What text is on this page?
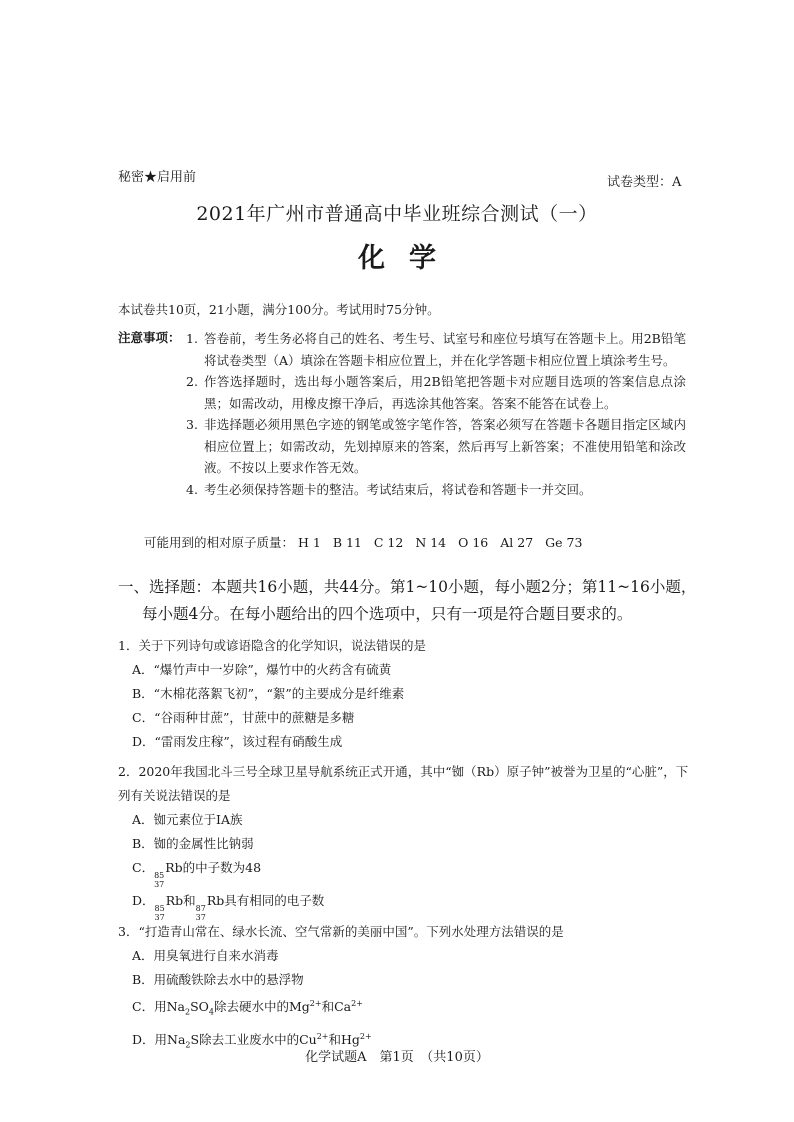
秘密★启用前	试卷类型：A
2021年广州市普通高中毕业班综合测试（一）
化学
本试卷共10页，21小题，满分100分。考试用时75分钟。
注意事项： 1. 答卷前，考生务必将自己的姓名、考生号、试室号和座位号填写在答题卡上。用2B铅笔将试卷类型（A）填涂在答题卡相应位置上，并在化学答题卡相应位置上填涂考生号。
2. 作答选择题时，选出每小题答案后，用2B铅笔把答题卡对应题目选项的答案信息点涂黑；如需改动，用橡皮擦干净后，再选涂其他答案。答案不能答在试卷上。
3. 非选择题必须用黑色字迹的钢笔或签字笔作答，答案必须写在答题卡各题目指定区域内相应位置上；如需改动，先划掉原来的答案，然后再写上新答案；不准使用铅笔和涂改液。不按以上要求作答无效。
4. 考生必须保持答题卡的整洁。考试结束后，将试卷和答题卡一并交回。
可能用到的相对原子质量： H 1 B 11 C 12 N 14 O 16 Al 27 Ge 73
一、选择题：本题共16小题，共44分。第1~10小题，每小题2分；第11~16小题，
每小题4分。在每小题给出的四个选项中，只有一项是符合题目要求的。
1．关于下列诗句或谚语隐含的化学知识，说法错误的是
A．“爆竹声中一岁除”，爆竹中的火药含有硫黄
B．“木棉花落絮飞初”，“絮”的主要成分是纤维素
C．“谷雨种甘蔗”，甘蔗中的蔗糖是多糖
D．“雷雨发庄稼”，该过程有硝酸生成
2．2020年我国北斗三号全球卫星导航系统正式开通，其中“铷（Rb）原子钟”被誉为卫星的“心脏”，下列有关说法错误的是
A．铷元素位于IA族
B．铷的金属性比钠弱
C．
85
37
Rb的中子数为48
D．
85
37
Rb和
87
37
Rb具有相同的电子数
3．“打造青山常在、绿水长流、空气常新的美丽中国”。下列水处理方法错误的是
A．用臭氧进行自来水消毒
B．用硫酸铁除去水中的悬浮物
C．用$Na_2SO_4$除去硬水中的$Mg^{2+}$和$Ca^{2+}$
D．用$Na_2S$除去工业废水中的$Cu^{2+}$和$Hg^{2+}$
化学试题A　第1页　（共10页）
